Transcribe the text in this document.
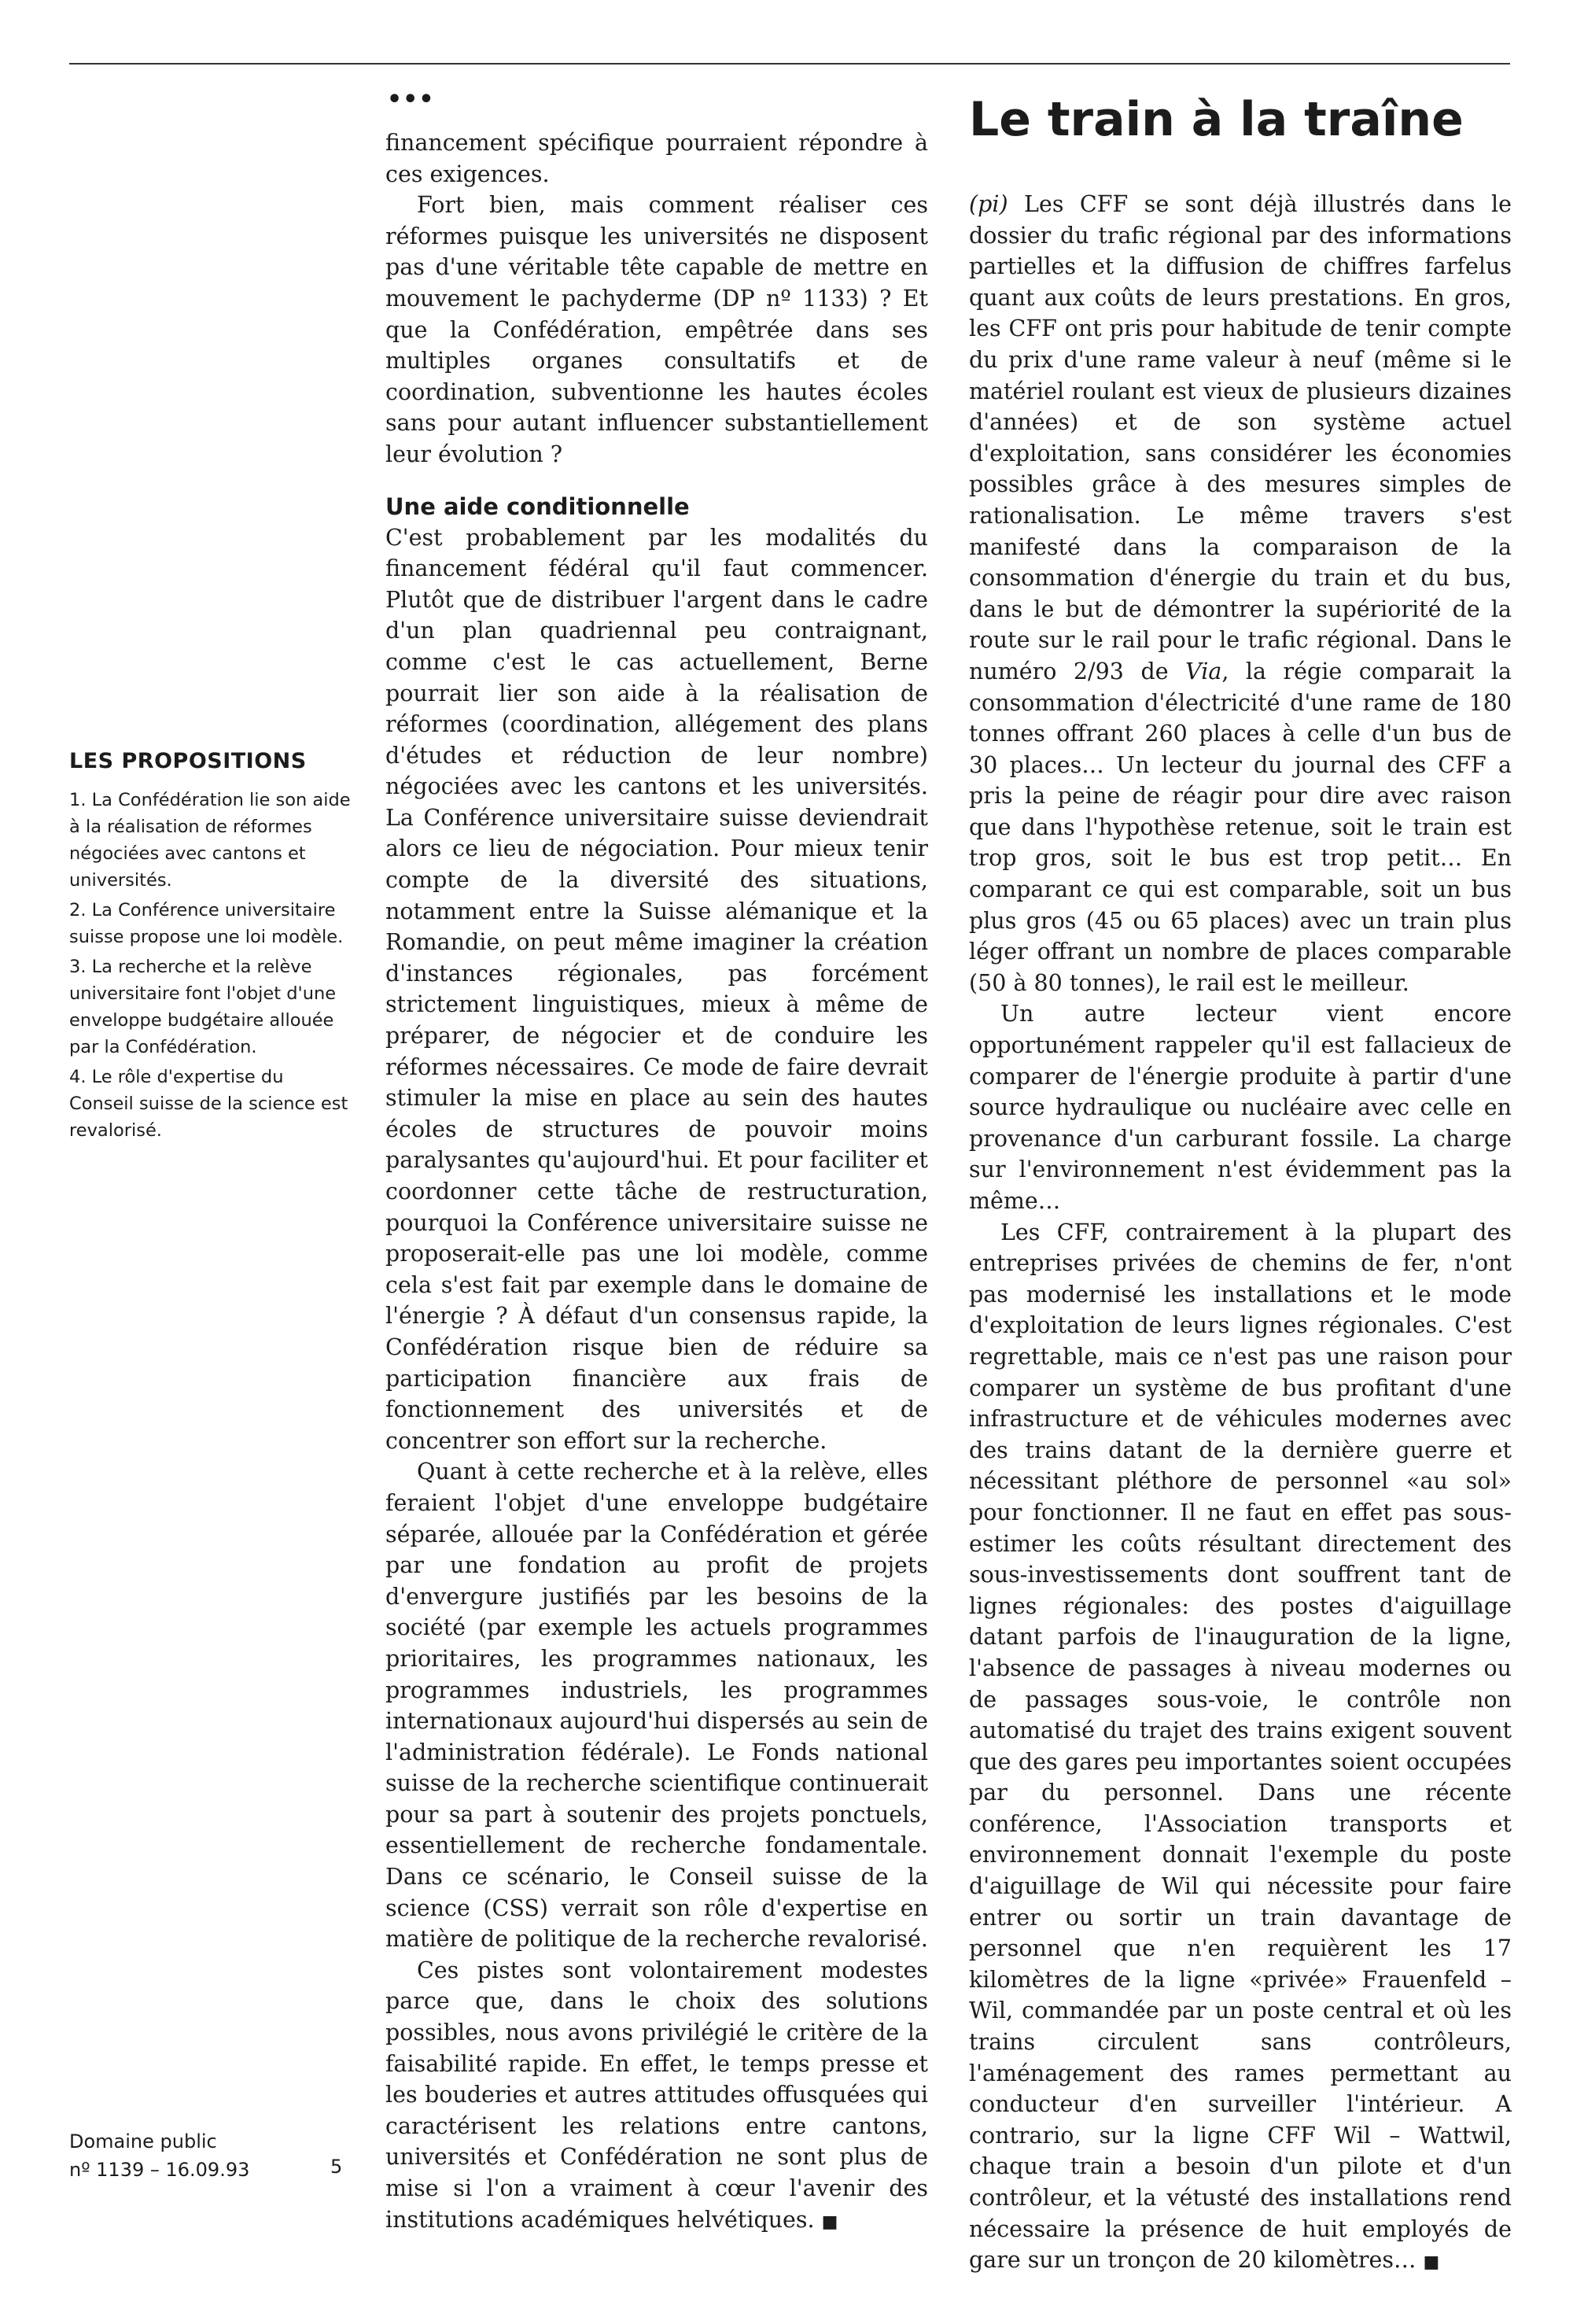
LES PROPOSITIONS

1. La Confédération lie son aide à la réalisation de réformes négociées avec cantons et universités.

2. La Conférence universitaire suisse propose une loi modèle.

3. La recherche et la relève universitaire font l'objet d'une enveloppe budgétaire allouée par la Confédération.

4. Le rôle d'expertise du Conseil suisse de la science est revalorisé.

Domaine public
nº 1139 – 16.09.93	5
•••

financement spécifique pourraient répondre à ces exigences.

Fort bien, mais comment réaliser ces réformes puisque les universités ne disposent pas d'une véritable tête capable de mettre en mouvement le pachyderme (DP nº 1133) ? Et que la Confédération, empêtrée dans ses multiples organes consultatifs et de coordination, subventionne les hautes écoles sans pour autant influencer substantiellement leur évolution ?

Une aide conditionnelle

C'est probablement par les modalités du financement fédéral qu'il faut commencer. Plutôt que de distribuer l'argent dans le cadre d'un plan quadriennal peu contraignant, comme c'est le cas actuellement, Berne pourrait lier son aide à la réalisation de réformes (coordination, allégement des plans d'études et réduction de leur nombre) négociées avec les cantons et les universités. La Conférence universitaire suisse deviendrait alors ce lieu de négociation. Pour mieux tenir compte de la diversité des situations, notamment entre la Suisse alémanique et la Romandie, on peut même imaginer la création d'instances régionales, pas forcément strictement linguistiques, mieux à même de préparer, de négocier et de conduire les réformes nécessaires. Ce mode de faire devrait stimuler la mise en place au sein des hautes écoles de structures de pouvoir moins paralysantes qu'aujourd'hui. Et pour faciliter et coordonner cette tâche de restructuration, pourquoi la Conférence universitaire suisse ne proposerait-elle pas une loi modèle, comme cela s'est fait par exemple dans le domaine de l'énergie ? À défaut d'un consensus rapide, la Confédération risque bien de réduire sa participation financière aux frais de fonctionnement des universités et de concentrer son effort sur la recherche.

Quant à cette recherche et à la relève, elles feraient l'objet d'une enveloppe budgétaire séparée, allouée par la Confédération et gérée par une fondation au profit de projets d'envergure justifiés par les besoins de la société (par exemple les actuels programmes prioritaires, les programmes nationaux, les programmes industriels, les programmes internationaux aujourd'hui dispersés au sein de l'administration fédérale). Le Fonds national suisse de la recherche scientifique continuerait pour sa part à soutenir des projets ponctuels, essentiellement de recherche fondamentale. Dans ce scénario, le Conseil suisse de la science (CSS) verrait son rôle d'expertise en matière de politique de la recherche revalorisé.

Ces pistes sont volontairement modestes parce que, dans le choix des solutions possibles, nous avons privilégié le critère de la faisabilité rapide. En effet, le temps presse et les bouderies et autres attitudes offusquées qui caractérisent les relations entre cantons, universités et Confédération ne sont plus de mise si l'on a vraiment à cœur l'avenir des institutions académiques helvétiques. ■

Le train à la traîne

(pi) Les CFF se sont déjà illustrés dans le dossier du trafic régional par des informations partielles et la diffusion de chiffres farfelus quant aux coûts de leurs prestations. En gros, les CFF ont pris pour habitude de tenir compte du prix d'une rame valeur à neuf (même si le matériel roulant est vieux de plusieurs dizaines d'années) et de son système actuel d'exploitation, sans considérer les économies possibles grâce à des mesures simples de rationalisation. Le même travers s'est manifesté dans la comparaison de la consommation d'énergie du train et du bus, dans le but de démontrer la supériorité de la route sur le rail pour le trafic régional. Dans le numéro 2/93 de Via, la régie comparait la consommation d'électricité d'une rame de 180 tonnes offrant 260 places à celle d'un bus de 30 places… Un lecteur du journal des CFF a pris la peine de réagir pour dire avec raison que dans l'hypothèse retenue, soit le train est trop gros, soit le bus est trop petit… En comparant ce qui est comparable, soit un bus plus gros (45 ou 65 places) avec un train plus léger offrant un nombre de places comparable (50 à 80 tonnes), le rail est le meilleur.

Un autre lecteur vient encore opportunément rappeler qu'il est fallacieux de comparer de l'énergie produite à partir d'une source hydraulique ou nucléaire avec celle en provenance d'un carburant fossile. La charge sur l'environnement n'est évidemment pas la même…

Les CFF, contrairement à la plupart des entreprises privées de chemins de fer, n'ont pas modernisé les installations et le mode d'exploitation de leurs lignes régionales. C'est regrettable, mais ce n'est pas une raison pour comparer un système de bus profitant d'une infrastructure et de véhicules modernes avec des trains datant de la dernière guerre et nécessitant pléthore de personnel «au sol» pour fonctionner. Il ne faut en effet pas sous-estimer les coûts résultant directement des sous-investissements dont souffrent tant de lignes régionales: des postes d'aiguillage datant parfois de l'inauguration de la ligne, l'absence de passages à niveau modernes ou de passages sous-voie, le contrôle non automatisé du trajet des trains exigent souvent que des gares peu importantes soient occupées par du personnel. Dans une récente conférence, l'Association transports et environnement donnait l'exemple du poste d'aiguillage de Wil qui nécessite pour faire entrer ou sortir un train davantage de personnel que n'en requièrent les 17 kilomètres de la ligne «privée» Frauenfeld – Wil, commandée par un poste central et où les trains circulent sans contrôleurs, l'aménagement des rames permettant au conducteur d'en surveiller l'intérieur. A contrario, sur la ligne CFF Wil – Wattwil, chaque train a besoin d'un pilote et d'un contrôleur, et la vétusté des installations rend nécessaire la présence de huit employés de gare sur un tronçon de 20 kilomètres… ■
